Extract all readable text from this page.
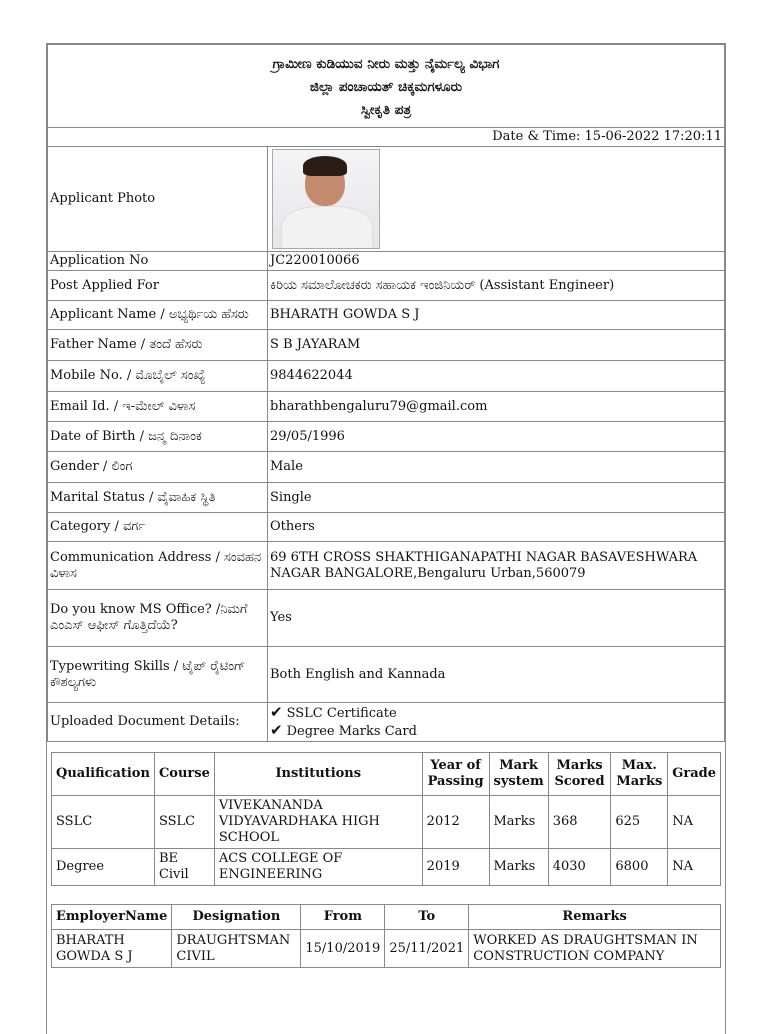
ಗ್ರಾಮೀಣ ಕುಡಿಯುವ ನೀರು ಮತ್ತು ನೈರ್ಮಲ್ಯ ವಿಭಾಗ
ಜಿಲ್ಲಾ ಪಂಚಾಯತ್ ಚಿಕ್ಕಮಗಳೂರು
ಸ್ವೀಕೃತಿ ಪತ್ರ	

Date & Time: 15-06-2022 17:20:11	
Applicant Photo	

Application No	JC220010066
Post Applied For	ಕಿರಿಯ ಸಮಾಲೋಚಕರು ಸಹಾಯಕ ಇಂಜಿನಿಯರ್ (Assistant Engineer)
Applicant Name / ಅಭ್ಯರ್ಥಿಯ ಹೆಸರು	BHARATH GOWDA S J
Father Name / ತಂದೆ ಹೆಸರು	S B JAYARAM
Mobile No. / ಮೊಬೈಲ್ ಸಂಖ್ಯೆ	9844622044
Email Id. / ಇ-ಮೇಲ್ ವಿಳಾಸ	bharathbengaluru79@gmail.com
Date of Birth / ಜನ್ಮ ದಿನಾಂಕ	29/05/1996
Gender / ಲಿಂಗ	Male
Marital Status / ವೈವಾಹಿಕ ಸ್ಥಿತಿ	Single
Category / ವರ್ಗ	Others
Communication Address / ಸಂವಹನ ವಿಳಾಸ	69 6TH CROSS SHAKTHIGANAPATHI NAGAR BASAVESHWARA NAGAR BANGALORE,Bengaluru Urban,560079
Do you know MS Office? /ನಿಮಗೆ ಎಂಎಸ್ ಆಫೀಸ್ ಗೊತ್ತಿದೆಯೆ?	Yes
Typewriting Skills / ಟೈಪ್ ರೈಟಿಂಗ್ ಕೌಶಲ್ಯಗಳು	Both English and Kannada
Uploaded Document Details:	✔ SSLC Certificate
✔ Degree Marks Card
Qualification	Course	Institutions	Year of Passing	Mark system	Marks Scored	Max. Marks	Grade
SSLC	SSLC	VIVEKANANDA VIDYAVARDHAKA HIGH SCHOOL	2012	Marks	368	625	NA
Degree	BE Civil	ACS COLLEGE OF ENGINEERING	2019	Marks	4030	6800	NA
EmployerName	Designation	From	To	Remarks
BHARATH GOWDA S J	DRAUGHTSMAN CIVIL	15/10/2019	25/11/2021	WORKED AS DRAUGHTSMAN IN CONSTRUCTION COMPANY
